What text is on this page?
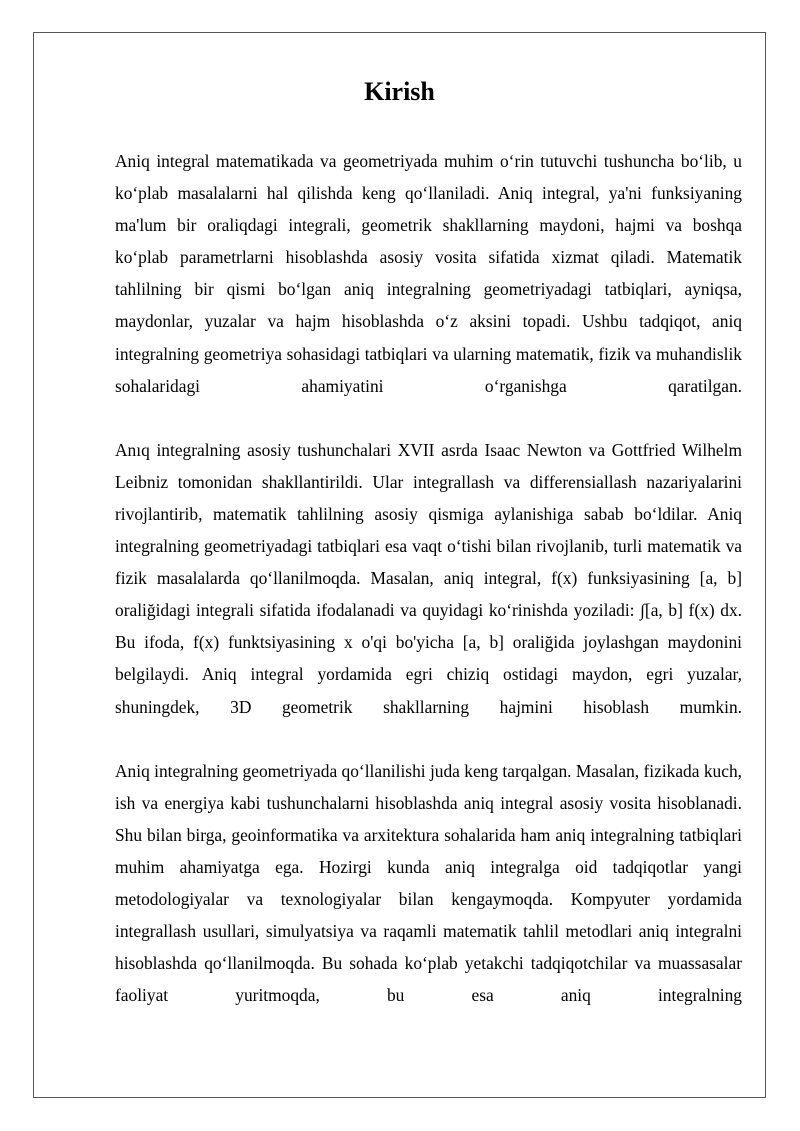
Kirish

Aniq integral matematikada va geometriyada muhim o‘rin tutuvchi tushuncha bo‘lib, u ko‘plab masalalarni hal qilishda keng qo‘llaniladi. Aniq integral, ya'ni funksiyaning ma'lum bir oraliqdagi integrali, geometrik shakllarning maydoni, hajmi va boshqa ko‘plab parametrlarni hisoblashda asosiy vosita sifatida xizmat qiladi. Matematik tahlilning bir qismi bo‘lgan aniq integralning geometriyadagi tatbiqlari, ayniqsa, maydonlar, yuzalar va hajm hisoblashda o‘z aksini topadi. Ushbu tadqiqot, aniq integralning geometriya sohasidagi tatbiqlari va ularning matematik, fizik va muhandislik sohalaridagi ahamiyatini o‘rganishga qaratilgan.

Anıq integralning asosiy tushunchalari XVII asrda Isaac Newton va Gottfried Wilhelm Leibniz tomonidan shakllantirildi. Ular integrallash va differensiallash nazariyalarini rivojlantirib, matematik tahlilning asosiy qismiga aylanishiga sabab bo‘ldilar. Aniq integralning geometriyadagi tatbiqlari esa vaqt o‘tishi bilan rivojlanib, turli matematik va fizik masalalarda qo‘llanilmoqda. Masalan, aniq integral, f(x) funksiyasining [a, b] oraliğidagi integrali sifatida ifodalanadi va quyidagi ko‘rinishda yoziladi: ∫[a, b] f(x) dx. Bu ifoda, f(x) funktsiyasining x o'qi bo'yicha [a, b] oraliğida joylashgan maydonini belgilaydi. Aniq integral yordamida egri chiziq ostidagi maydon, egri yuzalar, shuningdek, 3D geometrik shakllarning hajmini hisoblash mumkin.

Aniq integralning geometriyada qo‘llanilishi juda keng tarqalgan. Masalan, fizikada kuch, ish va energiya kabi tushunchalarni hisoblashda aniq integral asosiy vosita hisoblanadi. Shu bilan birga, geoinformatika va arxitektura sohalarida ham aniq integralning tatbiqlari muhim ahamiyatga ega. Hozirgi kunda aniq integralga oid tadqiqotlar yangi metodologiyalar va texnologiyalar bilan kengaymoqda. Kompyuter yordamida integrallash usullari, simulyatsiya va raqamli matematik tahlil metodlari aniq integralni hisoblashda qo‘llanilmoqda. Bu sohada ko‘plab yetakchi tadqiqotchilar va muassasalar faoliyat yuritmoqda, bu esa aniq integralning
